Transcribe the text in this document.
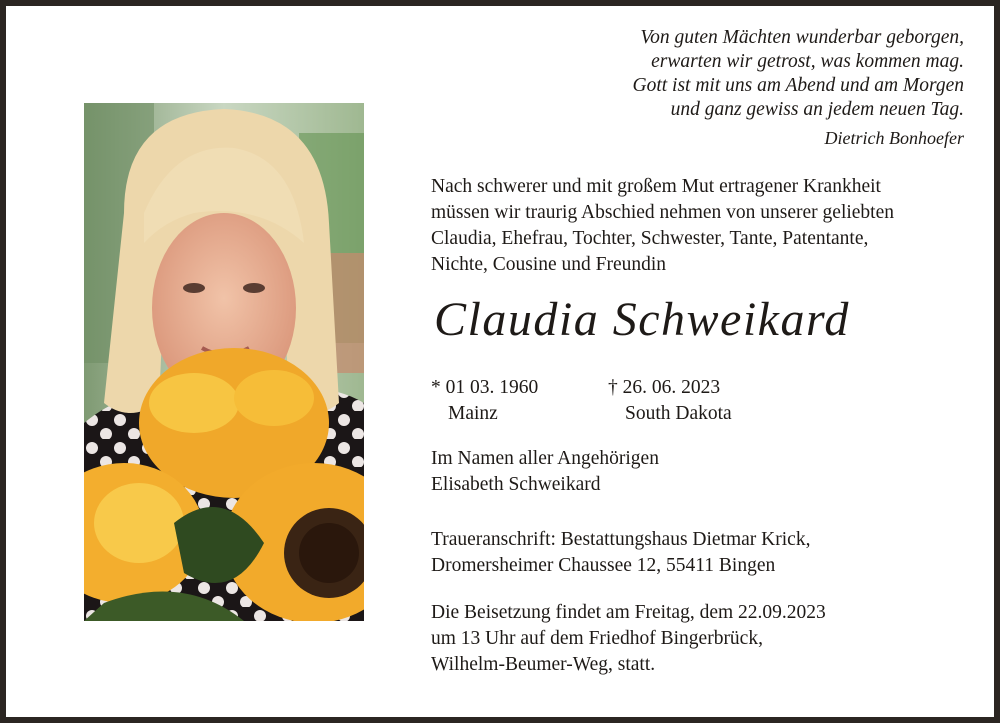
Von guten Mächten wunderbar geborgen,
erwarten wir getrost, was kommen mag.
Gott ist mit uns am Abend und am Morgen
und ganz gewiss an jedem neuen Tag.
Dietrich Bonhoefer
Nach schwerer und mit großem Mut ertragener Krankheit
müssen wir traurig Abschied nehmen von unserer geliebten
Claudia, Ehefrau, Tochter, Schwester, Tante, Patentante,
Nichte, Cousine und Freundin
Claudia Schweikard
* 01 03. 1960
Mainz
† 26. 06. 2023
South Dakota
Im Namen aller Angehörigen
Elisabeth Schweikard
Traueranschrift: Bestattungshaus Dietmar Krick,
Dromersheimer Chaussee 12, 55411 Bingen
Die Beisetzung findet am Freitag, dem 22.09.2023
um 13 Uhr auf dem Friedhof Bingerbrück,
Wilhelm-Beumer-Weg, statt.
